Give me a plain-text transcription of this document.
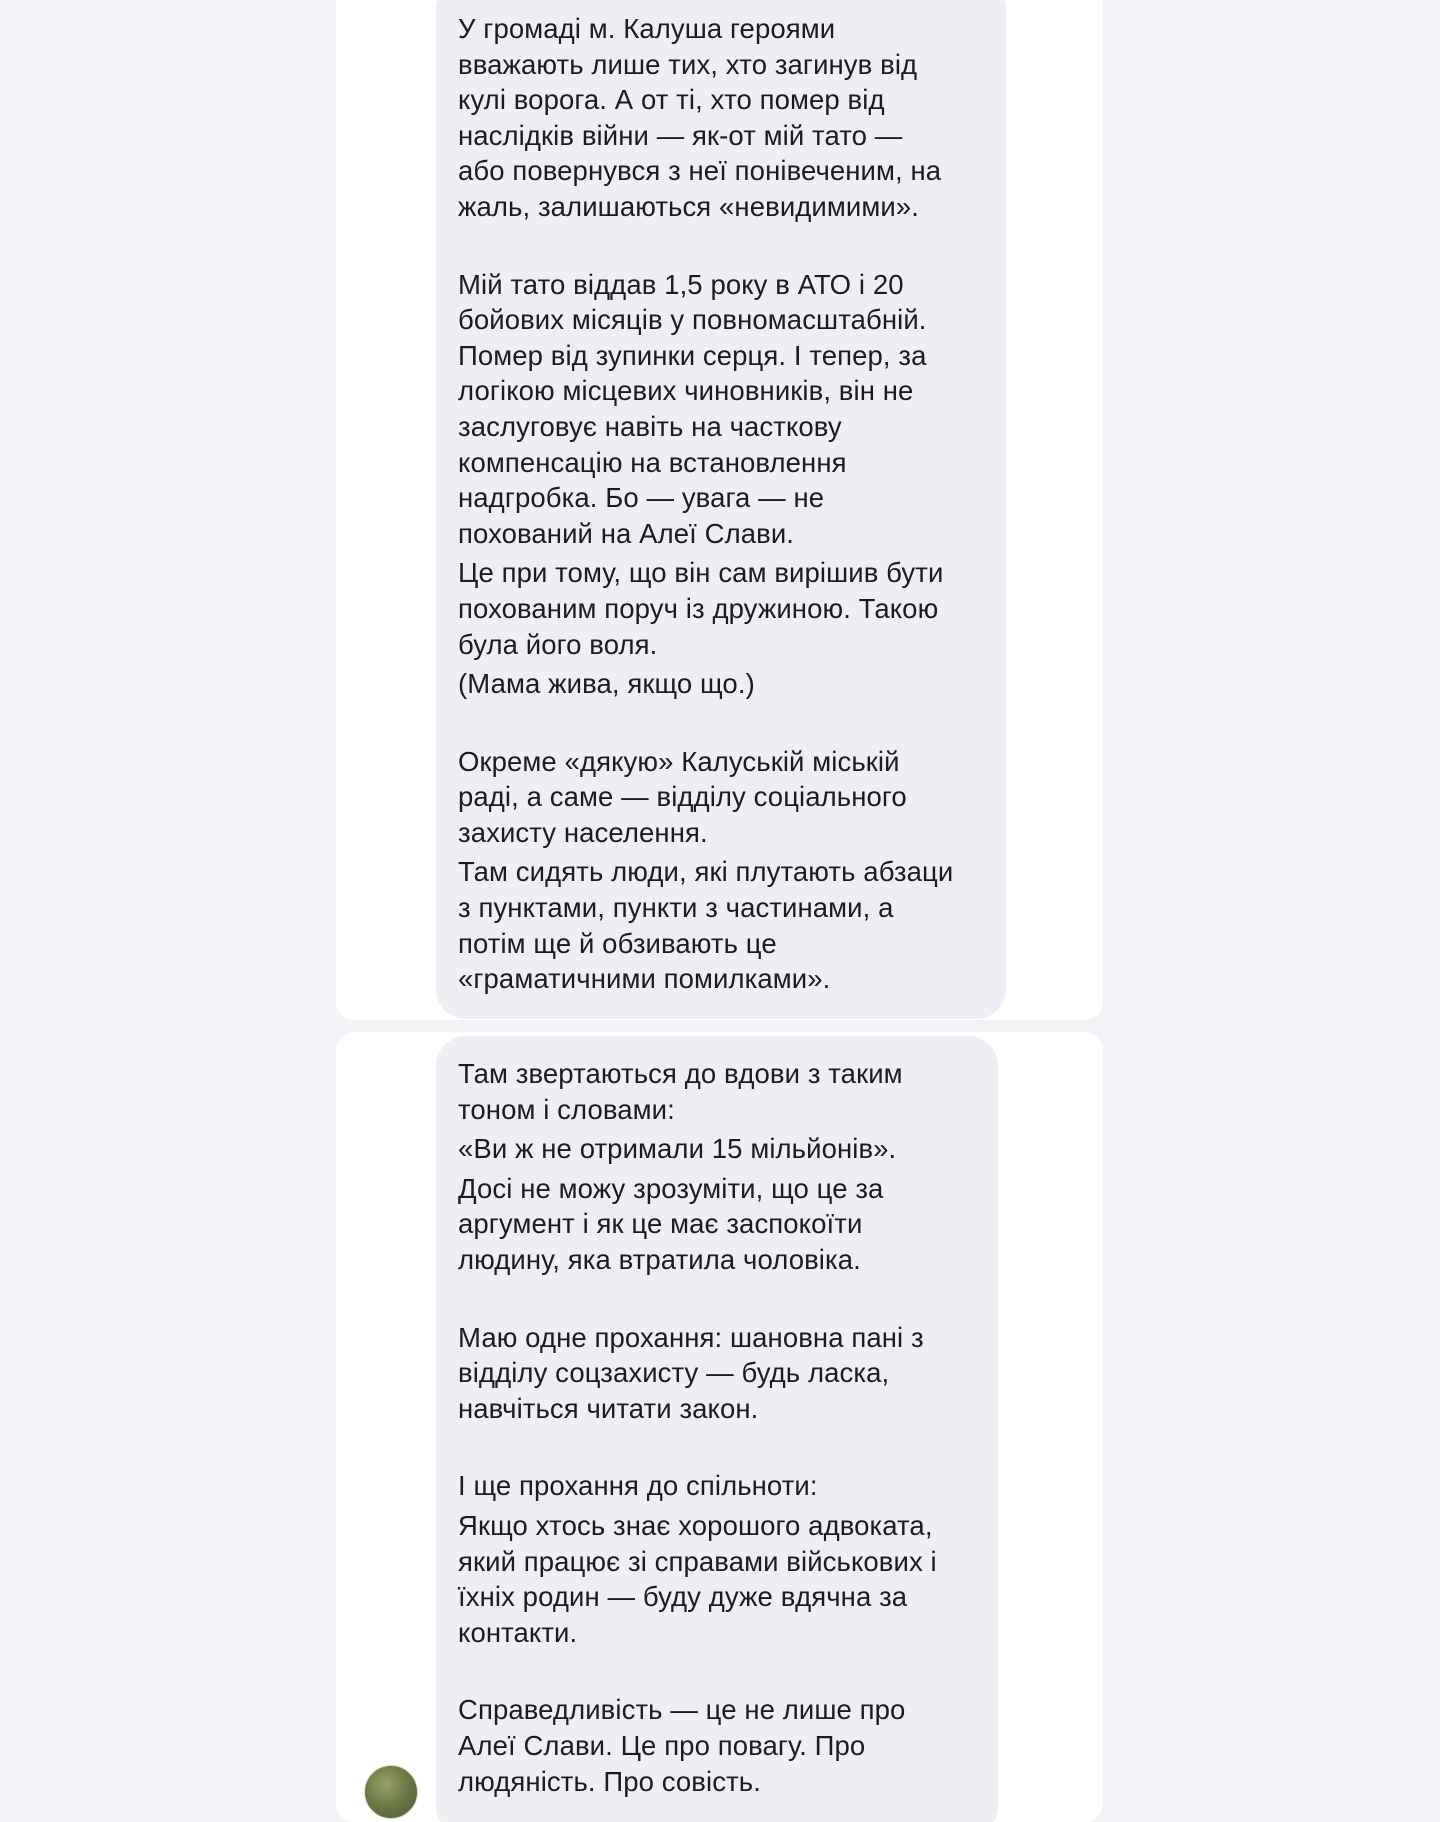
У громаді м. Калуша героями
вважають лише тих, хто загинув від
кулі ворога. А от ті, хто помер від
наслідків війни — як-от мій тато —
або повернувся з неї понівеченим, на
жаль, залишаються «невидимими».

Мій тато віддав 1,5 року в АТО і 20
бойових місяців у повномасштабній.
Помер від зупинки серця. І тепер, за
логікою місцевих чиновників, він не
заслуговує навіть на часткову
компенсацію на встановлення
надгробка. Бо — увага — не
похований на Алеї Слави.

Це при тому, що він сам вирішив бути
похованим поруч із дружиною. Такою
була його воля.

(Мама жива, якщо що.)

Окреме «дякую» Калуській міській
раді, а саме — відділу соціального
захисту населення.

Там сидять люди, які плутають абзаци
з пунктами, пункти з частинами, а
потім ще й обзивають це
«граматичними помилками».

Там звертаються до вдови з таким
тоном і словами:

«Ви ж не отримали 15 мільйонів».

Досі не можу зрозуміти, що це за
аргумент і як це має заспокоїти
людину, яка втратила чоловіка.

Маю одне прохання: шановна пані з
відділу соцзахисту — будь ласка,
навчіться читати закон.

І ще прохання до спільноти:

Якщо хтось знає хорошого адвоката,
який працює зі справами військових і
їхніх родин — буду дуже вдячна за
контакти.

Справедливість — це не лише про
Алеї Слави. Це про повагу. Про
людяність. Про совість.
